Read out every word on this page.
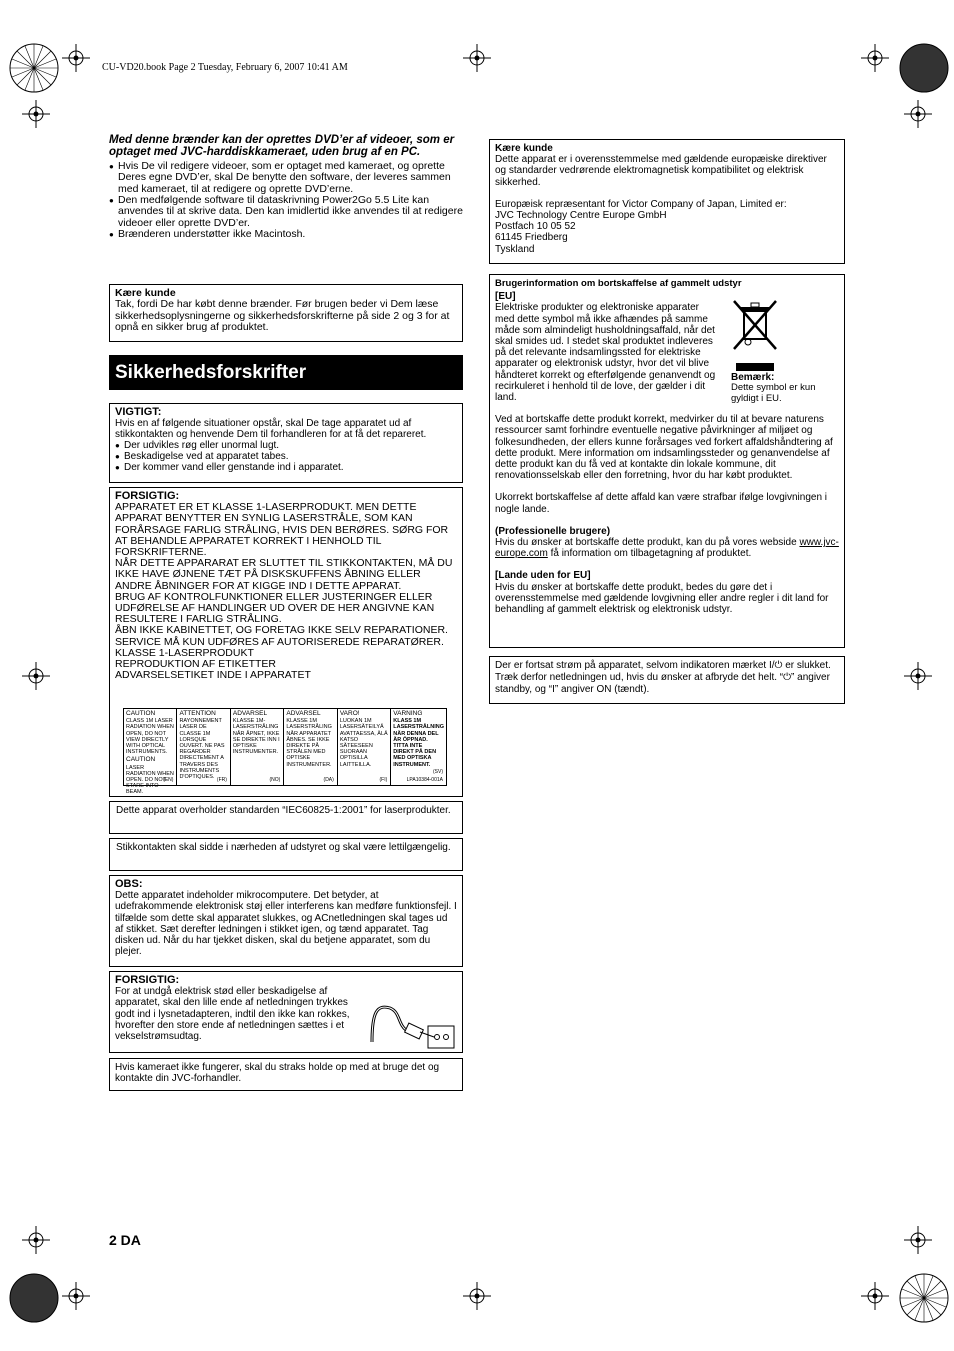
CU-VD20.book Page 2 Tuesday, February 6, 2007 10:41 AM
Med denne brænder kan der oprettes DVD’er af videoer, som er optaget med JVC-harddiskkameraet, uden brug af en PC.
● Hvis De vil redigere videoer, som er optaget med kameraet, og oprette Deres egne DVD’er, skal De benytte den software, der leveres sammen med kameraet, til at redigere og oprette DVD’erne.
● Den medfølgende software til dataskrivning Power2Go 5.5 Lite kan anvendes til at skrive data. Den kan imidlertid ikke anvendes til at redigere videoer eller oprette DVD’er.
● Brænderen understøtter ikke Macintosh.
Kære kunde
Tak, fordi De har købt denne brænder. Før brugen beder vi Dem læse sikkerhedsoplysningerne og sikkerhedsforskrifterne på side 2 og 3 for at opnå en sikker brug af produktet.
Sikkerhedsforskrifter
VIGTIGT:
Hvis en af følgende situationer opstår, skal De tage apparatet ud af stikkontakten og henvende Dem til forhandleren for at få det repareret.
● Der udvikles røg eller unormal lugt.
● Beskadigelse ved at apparatet tabes.
● Der kommer vand eller genstande ind i apparatet.
FORSIGTIG:
APPARATET ER ET KLASSE 1-LASERPRODUKT. MEN DETTE APPARAT BENYTTER EN SYNLIG LASERSTRÅLE, SOM KAN FORÅRSAGE FARLIG STRÅLING, HVIS DEN BERØRES. SØRG FOR AT BEHANDLE APPARATET KORREKT I HENHOLD TIL FORSKRIFTERNE.
NÅR DETTE APPARARAT ER SLUTTET TIL STIKKONTAKTEN, MÅ DU IKKE HAVE ØJNENE TÆT PÅ DISKSKUFFENS ÅBNING ELLER ANDRE ÅBNINGER FOR AT KIGGE IND I DETTE APPARAT.
BRUG AF KONTROLFUNKTIONER ELLER JUSTERINGER ELLER UDFØRELSE AF HANDLINGER UD OVER DE HER ANGIVNE KAN RESULTERE I FARLIG STRÅLING.
ÅBN IKKE KABINETTET, OG FORETAG IKKE SELV REPARATIONER. SERVICE MÅ KUN UDFØRES AF AUTORISEREDE REPARATØRER.
KLASSE 1-LASERPRODUKT
REPRODUKTION AF ETIKETTER
ADVARSELSETIKET INDE I APPARATET
CAUTION
CLASS 1M LASER RADIATION WHEN OPEN, DO NOT VIEW DIRECTLY WITH OPTICAL INSTRUMENTS.
CAUTION
LASER RADIATION WHEN OPEN. DO NOT STARE INTO BEAM.
(EN)
ATTENTION
RAYONNEMENT LASER DE CLASSE 1M LORSQUE OUVERT. NE PAS REGARDER DIRECTEMENT A TRAVERS DES INSTRUMENTS D'OPTIQUES. (FR)
ADVARSEL
KLASSE 1M-LASERSTRÅLING NÅR ÅPNET, IKKE SE DIREKTE INN I OPTISKE INSTRUMENTER.
(NO)
ADVARSEL
KLASSE 1M LASERSTRÅLING NÅR APPARATET ÅBNES. SE IKKE DIREKTE PÅ STRÅLEN MED OPTISKE INSTRUMENTER.
(DA)
VARO!
LUOKAN 1M LASERSÄTEILYÄ AVATTAESSA, ÄLÄ KATSO SÄTEESEEN SUORAAN OPTISILLA LAITTEILLA.
(FI)
VARNING
KLASS 1M LASERSTRÅLNING NÄR DENNA DEL ÄR ÖPPNAD. TITTA INTE DIREKT PÅ DEN MED OPTISKA INSTRUMENT.
(SV)
LPA10384-001A
Dette apparat overholder standarden “IEC60825-1:2001” for laserprodukter.
Stikkontakten skal sidde i nærheden af udstyret og skal være lettilgængelig.
OBS:
Dette apparatet indeholder mikrocomputere. Det betyder, at udefrakommende elektronisk støj eller interferens kan medføre funktionsfejl. I tilfælde som dette skal apparatet slukkes, og ACnetledningen skal tages ud af stikket. Sæt derefter ledningen i stikket igen, og tænd apparatet. Tag disken ud. Når du har tjekket disken, skal du betjene apparatet, som du plejer.
FORSIGTIG:
For at undgå elektrisk stød eller beskadigelse af apparatet, skal den lille ende af netledningen trykkes godt ind i lysnetadapteren, indtil den ikke kan rokkes, hvorefter den store ende af netledningen sættes i et vekselstrømsudtag.
Hvis kameraet ikke fungerer, skal du straks holde op med at bruge det og kontakte din JVC-forhandler.
2 DA
Kære kunde
Dette apparat er i overensstemmelse med gældende europæiske direktiver og standarder vedrørende elektromagnetisk kompatibilitet og elektrisk sikkerhed.
Europæisk repræsentant for Victor Company of Japan, Limited er:
JVC Technology Centre Europe GmbH
Postfach 10 05 52
61145 Friedberg
Tyskland
Brugerinformation om bortskaffelse af gammelt udstyr
[EU]
Elektriske produkter og elektroniske apparater med dette symbol må ikke afhændes på samme måde som almindeligt husholdningsaffald, når det skal smides ud. I stedet skal produktet indleveres på det relevante indsamlingssted for elektriske apparater og elektronisk udstyr, hvor det vil blive håndteret korrekt og efterfølgende genanvendt og recirkuleret i henhold til de love, der gælder i dit land.
Bemærk:
Dette symbol er kun gyldigt i EU.
Ved at bortskaffe dette produkt korrekt, medvirker du til at bevare naturens ressourcer samt forhindre eventuelle negative påvirkninger af miljøet og folkesundheden, der ellers kunne forårsages ved forkert affaldshåndtering af dette produkt. Mere information om indsamlingssteder og genanvendelse af dette produkt kan du få ved at kontakte din lokale kommune, dit renovationsselskab eller den forretning, hvor du har købt produktet.
Ukorrekt bortskaffelse af dette affald kan være strafbar ifølge lovgivningen i nogle lande.
(Professionelle brugere)
Hvis du ønsker at bortskaffe dette produkt, kan du på vores webside www.jvc-europe.com få information om tilbagetagning af produktet.
[Lande uden for EU]
Hvis du ønsker at bortskaffe dette produkt, bedes du gøre det i overensstemmelse med gældende lovgivning eller andre regler i dit land for behandling af gammelt elektrisk og elektronisk udstyr.
Der er fortsat strøm på apparatet, selvom indikatoren mærket I/⏻ er slukket. Træk derfor netledningen ud, hvis du ønsker at afbryde det helt. “⏻” angiver standby, og “I” angiver ON (tændt).
